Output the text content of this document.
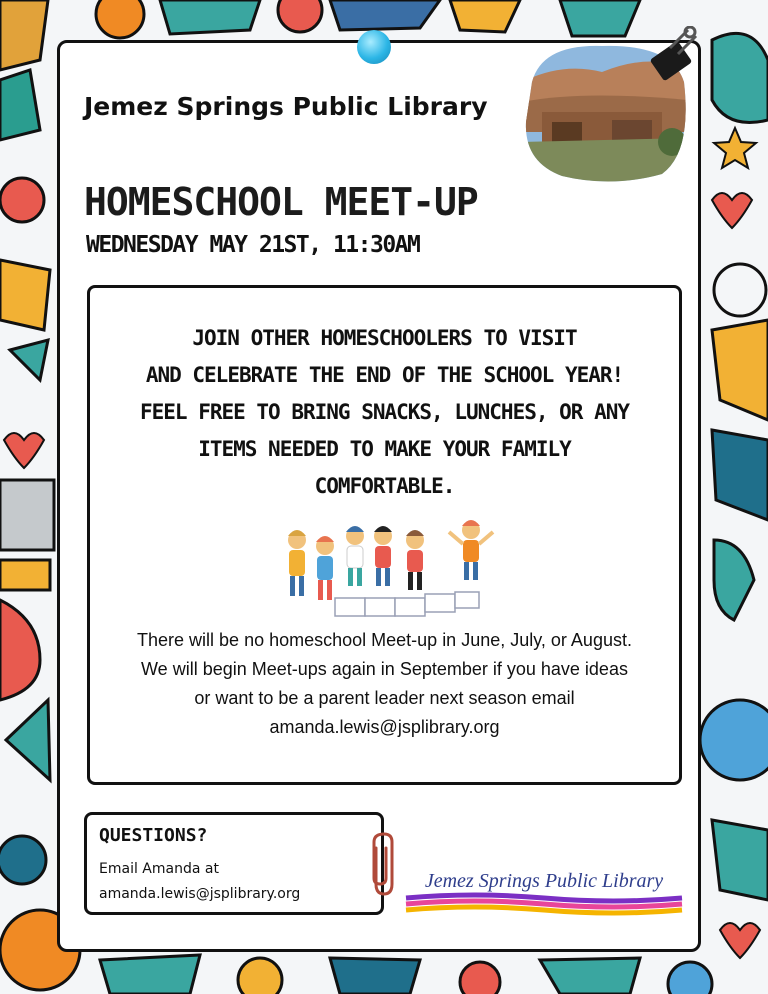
Jemez Springs Public Library
HOMESCHOOL MEET-UP
WEDNESDAY MAY 21ST, 11:30AM
JOIN OTHER HOMESCHOOLERS TO VISIT
AND CELEBRATE THE END OF THE SCHOOL YEAR!
FEEL FREE TO BRING SNACKS, LUNCHES, OR ANY
ITEMS NEEDED TO MAKE YOUR FAMILY
COMFORTABLE.
There will be no homeschool Meet-up in June, July, or August.
We will begin Meet-ups again in September if you have ideas
or want to be a parent leader next season email
amanda.lewis@jsplibrary.org
QUESTIONS?
Email Amanda at
amanda.lewis@jsplibrary.org
Jemez Springs Public Library
